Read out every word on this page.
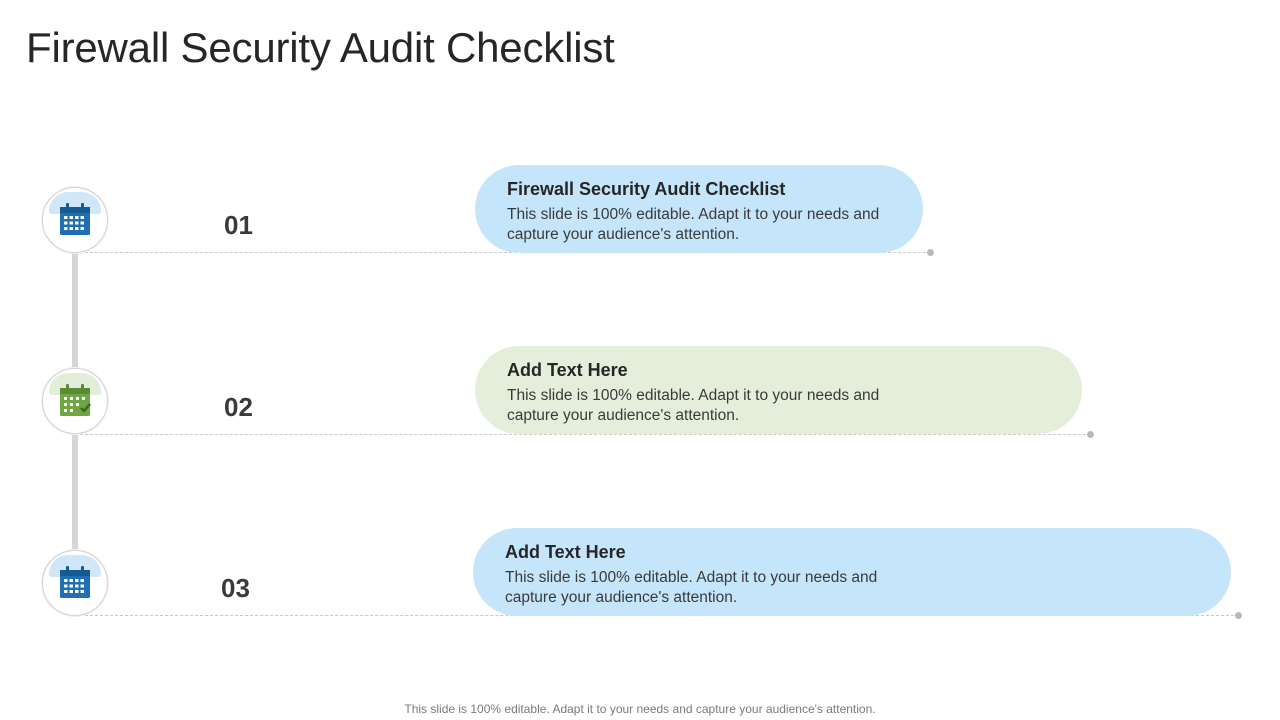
Firewall Security Audit Checklist
01
Firewall Security Audit Checklist

This slide is 100% editable. Adapt it to your needs and capture your audience's attention.

02
Add Text Here

This slide is 100% editable. Adapt it to your needs and capture your audience's attention.

03
Add Text Here

This slide is 100% editable. Adapt it to your needs and capture your audience's attention.

This slide is 100% editable. Adapt it to your needs and capture your audience's attention.
